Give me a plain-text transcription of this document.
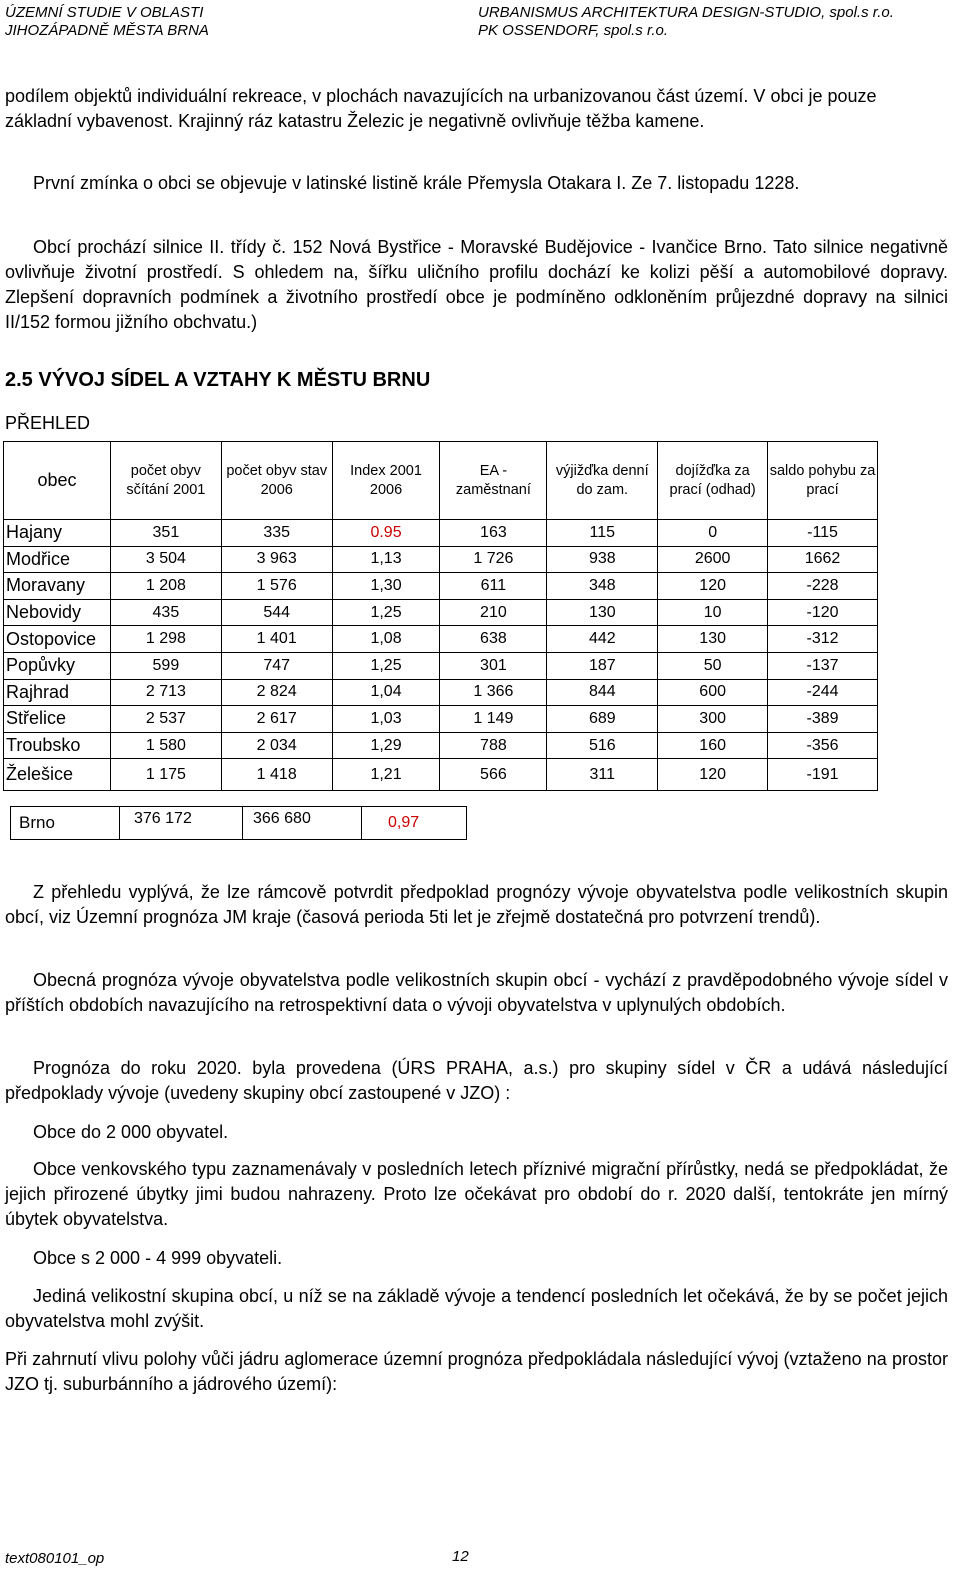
ÚZEMNÍ STUDIE V OBLASTI
JIHOZÁPADNĚ MĚSTA BRNA
URBANISMUS ARCHITEKTURA DESIGN-STUDIO, spol.s r.o.
PK OSSENDORF, spol.s r.o.

podílem objektů individuální rekreace, v plochách navazujících na urbanizovanou část území. V obci je pouze základní vybavenost. Krajinný ráz katastru Železic je negativně ovlivňuje těžba kamene.

První zmínka o obci se objevuje v latinské listině krále Přemysla Otakara I. Ze 7. listopadu 1228.

Obcí prochází silnice II. třídy č. 152 Nová Bystřice - Moravské Budějovice - Ivančice Brno. Tato silnice negativně ovlivňuje životní prostředí. S ohledem na, šířku uličního profilu dochází ke kolizi pěší a automobilové dopravy. Zlepšení dopravních podmínek a životního prostředí obce je podmíněno odkloněním průjezdné dopravy na silnici II/152 formou jižního obchvatu.)

2.5 VÝVOJ SÍDEL A VZTAHY K MĚSTU BRNU
PŘEHLED
obec	počet obyv sčítání 2001	počet obyv stav 2006	Index 2001 2006	EA - zaměstnaní	výjižďka denní do zam.	dojížďka za prací (odhad)	saldo pohybu za prací
Hajany	351	335	0.95	163	115	0	-115
Modřice	3 504	3 963	1,13	1 726	938	2600	1662
Moravany	1 208	1 576	1,30	611	348	120	-228
Nebovidy	435	544	1,25	210	130	10	-120
Ostopovice	1 298	1 401	1,08	638	442	130	-312
Popůvky	599	747	1,25	301	187	50	-137
Rajhrad	2 713	2 824	1,04	1 366	844	600	-244
Střelice	2 537	2 617	1,03	1 149	689	300	-389
Troubsko	1 580	2 034	1,29	788	516	160	-356
Želešice	1 175	1 418	1,21	566	311	120	-191
Brno	376 172	366 680	0,97

Z přehledu vyplývá, že lze rámcově potvrdit předpoklad prognózy vývoje obyvatelstva podle velikostních skupin obcí, viz Územní prognóza JM kraje (časová perioda 5ti let je zřejmě dostatečná pro potvrzení trendů).

Obecná prognóza vývoje obyvatelstva podle velikostních skupin obcí - vychází z pravděpodobného vývoje sídel v příštích obdobích navazujícího na retrospektivní data o vývoji obyvatelstva v uplynulých obdobích.

Prognóza do roku 2020. byla provedena (ÚRS PRAHA, a.s.) pro skupiny sídel v ČR a udává následující předpoklady vývoje (uvedeny skupiny obcí zastoupené v JZO) :

Obce do 2 000 obyvatel.

Obce venkovského typu zaznamenávaly v posledních letech příznivé migrační přírůstky, nedá se předpokládat, že jejich přirozené úbytky jimi budou nahrazeny. Proto lze očekávat pro období do r. 2020 další, tentokráte jen mírný úbytek obyvatelstva.

Obce s 2 000 - 4 999 obyvateli.

Jediná velikostní skupina obcí, u níž se na základě vývoje a tendencí posledních let očekává, že by se počet jejich obyvatelstva mohl zvýšit.

Při zahrnutí vlivu polohy vůči jádru aglomerace územní prognóza předpokládala následující vývoj (vztaženo na prostor JZO tj. suburbánního a jádrového území):

text080101_op	12
